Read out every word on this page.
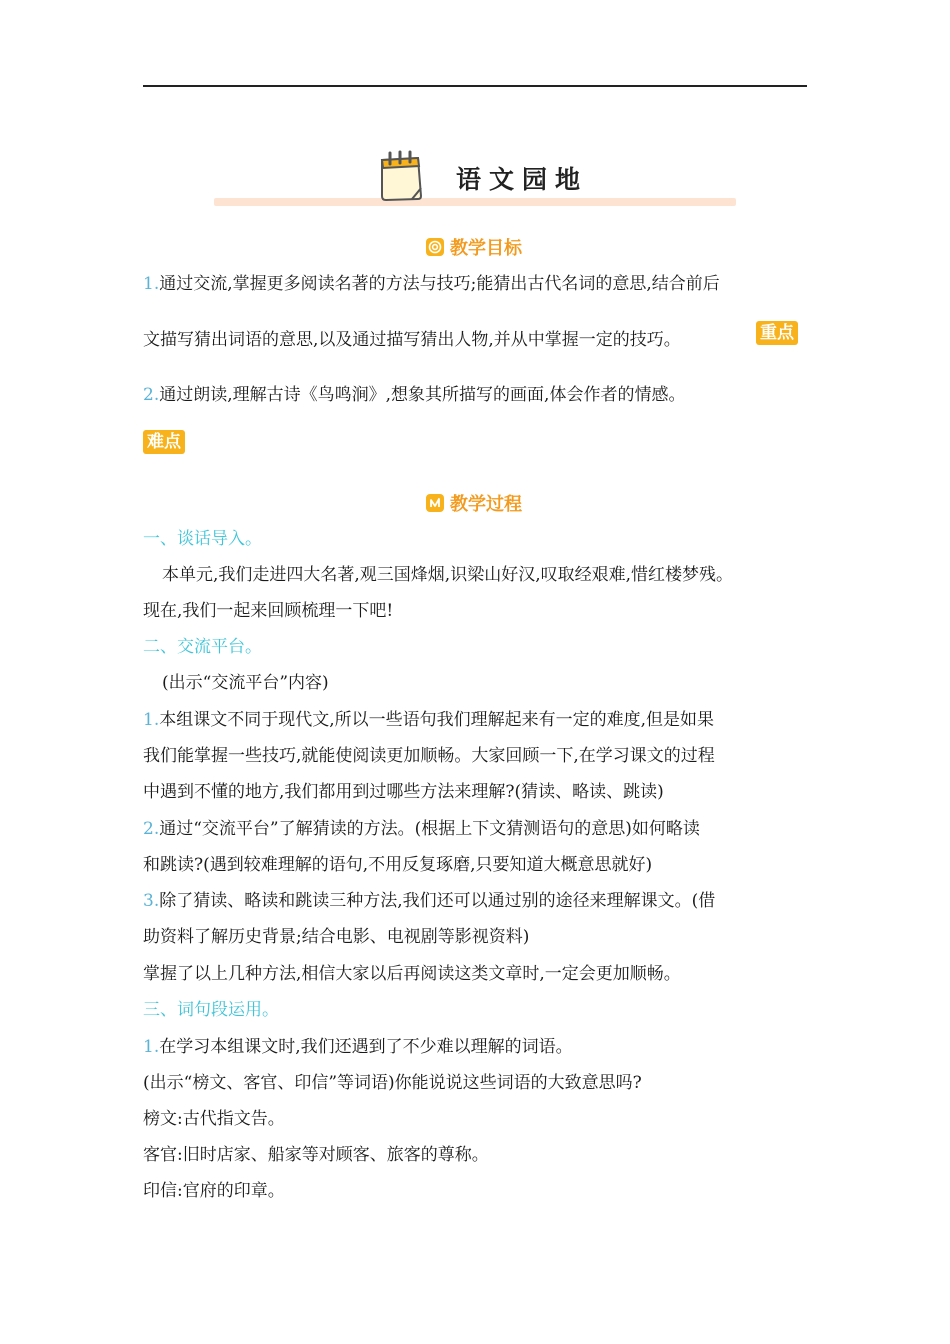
语文园地
教学目标
1.通过交流,掌握更多阅读名著的方法与技巧;能猜出古代名词的意思,结合前后
文描写猜出词语的意思,以及通过描写猜出人物,并从中掌握一定的技巧。	重点
2.通过朗读,理解古诗《鸟鸣涧》,想象其所描写的画面,体会作者的情感。
难点
教学过程
一、谈话导入。
本单元,我们走进四大名著,观三国烽烟,识梁山好汉,叹取经艰难,惜红楼梦残。
现在,我们一起来回顾梳理一下吧!
二、交流平台。
(出示“交流平台”内容)
1.本组课文不同于现代文,所以一些语句我们理解起来有一定的难度,但是如果
我们能掌握一些技巧,就能使阅读更加顺畅。大家回顾一下,在学习课文的过程
中遇到不懂的地方,我们都用到过哪些方法来理解?(猜读、略读、跳读)
2.通过“交流平台”了解猜读的方法。(根据上下文猜测语句的意思)如何略读
和跳读?(遇到较难理解的语句,不用反复琢磨,只要知道大概意思就好)
3.除了猜读、略读和跳读三种方法,我们还可以通过别的途径来理解课文。(借
助资料了解历史背景;结合电影、电视剧等影视资料)
掌握了以上几种方法,相信大家以后再阅读这类文章时,一定会更加顺畅。
三、词句段运用。
1.在学习本组课文时,我们还遇到了不少难以理解的词语。
(出示“榜文、客官、印信”等词语)你能说说这些词语的大致意思吗?
榜文:古代指文告。
客官:旧时店家、船家等对顾客、旅客的尊称。
印信:官府的印章。
